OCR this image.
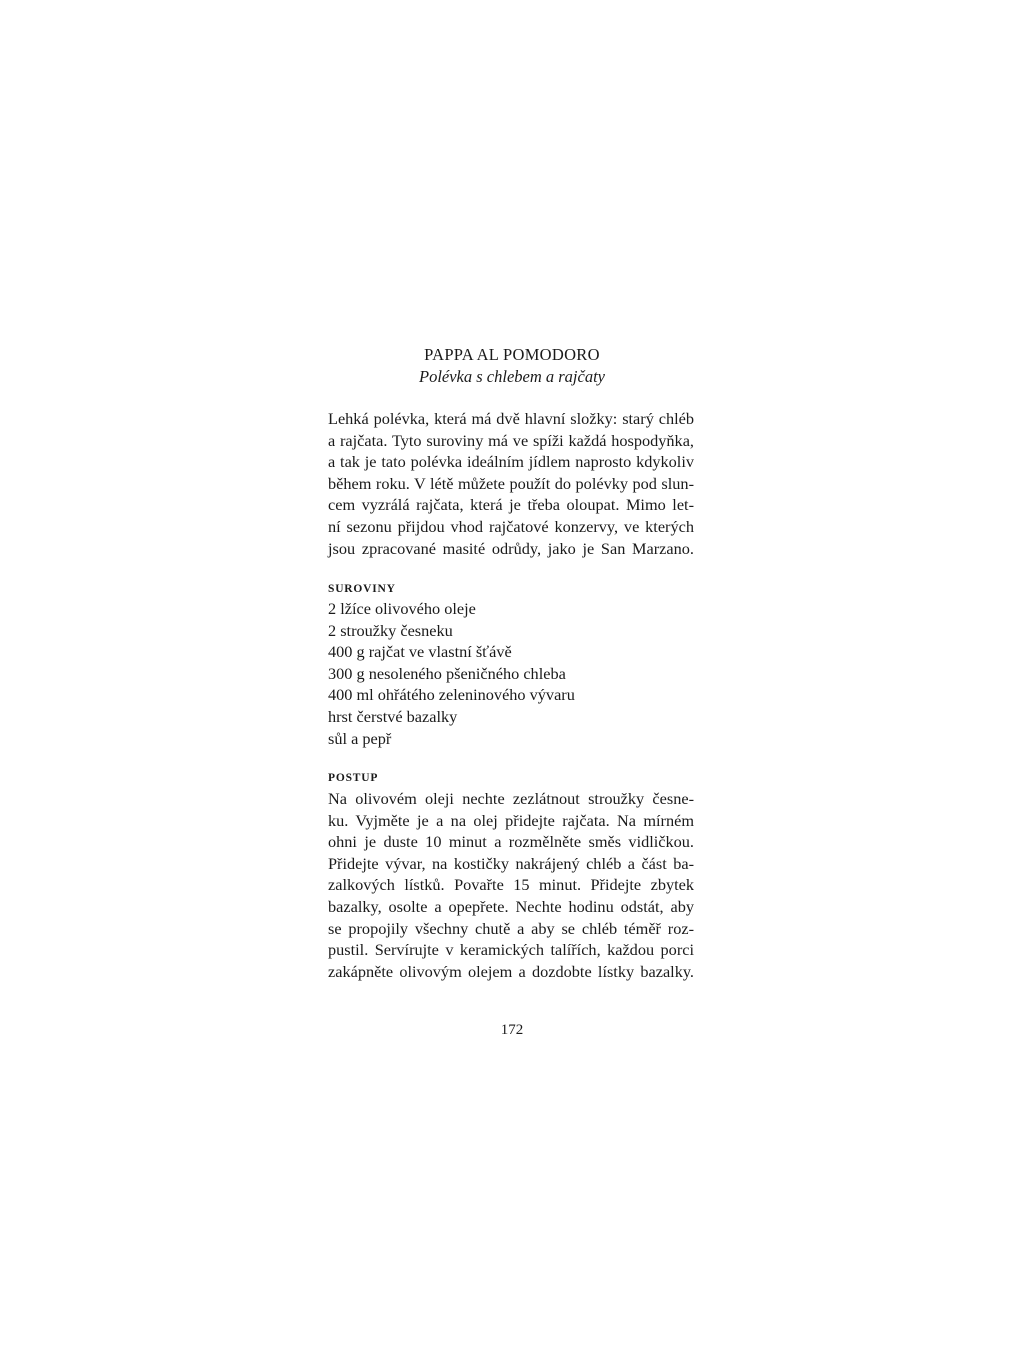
PAPPA AL POMODORO
Polévka s chlebem a rajčaty
Lehká polévka, která má dvě hlavní složky: starý chléb
a rajčata. Tyto suroviny má ve spíži každá hospodyňka,
a tak je tato polévka ideálním jídlem naprosto kdykoliv
během roku. V létě můžete použít do polévky pod slun-
cem vyzrálá rajčata, která je třeba oloupat. Mimo let-
ní sezonu přijdou vhod rajčatové konzervy, ve kterých
jsou zpracované masité odrůdy, jako je San Marzano.
SUROVINY
2 lžíce olivového oleje
2 stroužky česneku
400 g rajčat ve vlastní šťávě
300 g nesoleného pšeničného chleba
400 ml ohřátého zeleninového vývaru
hrst čerstvé bazalky
sůl a pepř
POSTUP
Na olivovém oleji nechte zezlátnout stroužky česne-
ku. Vyjměte je a na olej přidejte rajčata. Na mírném
ohni je duste 10 minut a rozmělněte směs vidličkou.
Přidejte vývar, na kostičky nakrájený chléb a část ba-
zalkových lístků. Povařte 15 minut. Přidejte zbytek
bazalky, osolte a opepřete. Nechte hodinu odstát, aby
se propojily všechny chutě a aby se chléb téměř roz-
pustil. Servírujte v keramických talířích, každou porci
zakápněte olivovým olejem a dozdobte lístky bazalky.
172
